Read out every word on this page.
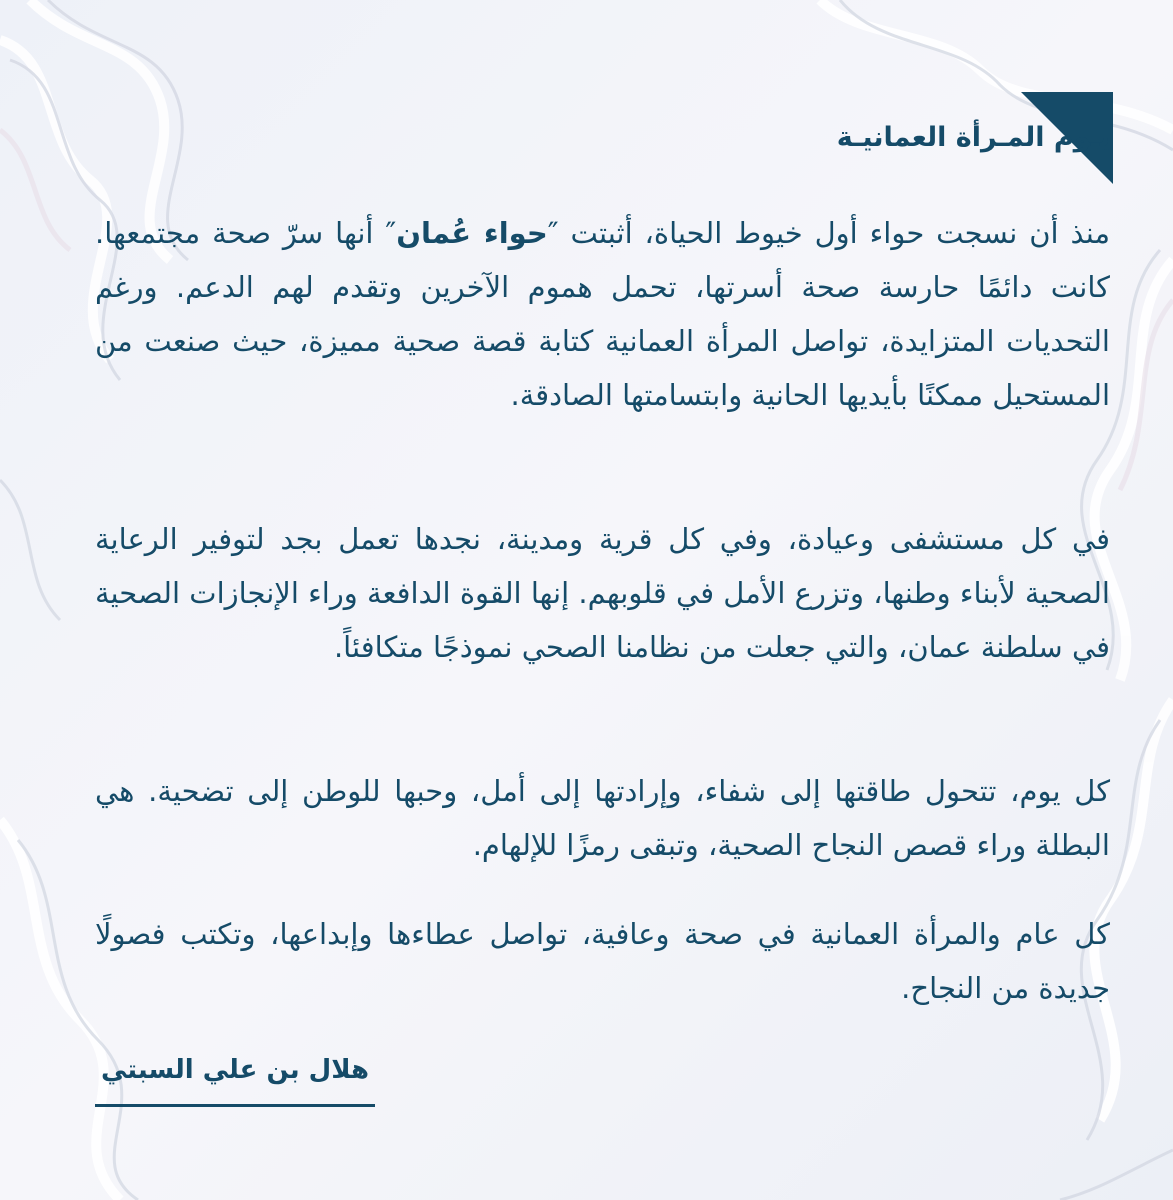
يـوم المـرأة العمانيـة

منذ أن نسجت حواء أول خيوط الحياة، أثبتت ″حواء عُمان″ أنها سرّ صحة مجتمعها. كانت دائمًا حارسة صحة أسرتها، تحمل هموم الآخرين وتقدم لهم الدعم. ورغم التحديات المتزايدة، تواصل المرأة العمانية كتابة قصة صحية مميزة، حيث صنعت من المستحيل ممكنًا بأيديها الحانية وابتسامتها الصادقة.

في كل مستشفى وعيادة، وفي كل قرية ومدينة، نجدها تعمل بجد لتوفير الرعاية الصحية لأبناء وطنها، وتزرع الأمل في قلوبهم. إنها القوة الدافعة وراء الإنجازات الصحية في سلطنة عمان، والتي جعلت من نظامنا الصحي نموذجًا متكافئاً.

كل يوم، تتحول طاقتها إلى شفاء، وإرادتها إلى أمل، وحبها للوطن إلى تضحية. هي البطلة وراء قصص النجاح الصحية، وتبقى رمزًا للإلهام.

كل عام والمرأة العمانية في صحة وعافية، تواصل عطاءها وإبداعها، وتكتب فصولًا جديدة من النجاح.

هلال بن علي السبتي
